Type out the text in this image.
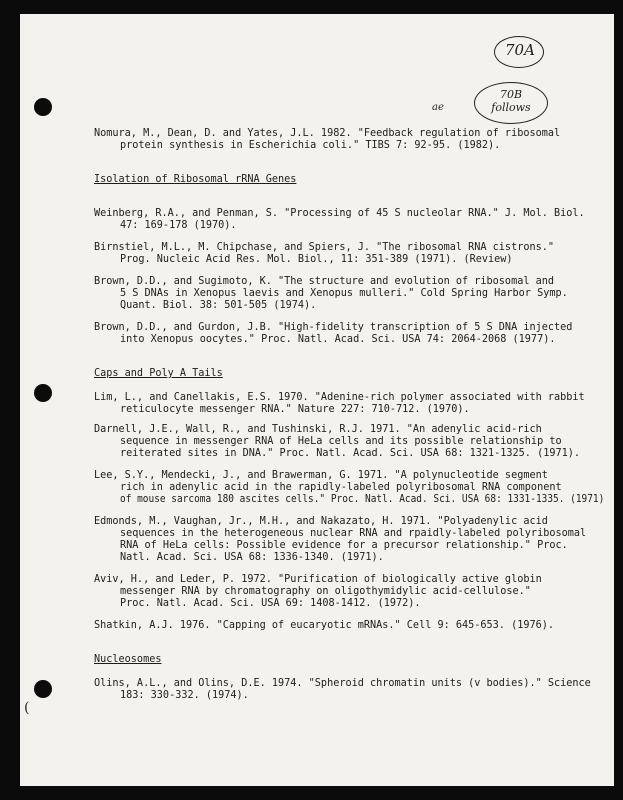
70A
70B follows
ae
(
Nomura, M., Dean, D. and Yates, J.L. 1982. "Feedback regulation of ribosomal
protein synthesis in Escherichia coli." TIBS 7: 92-95. (1982).
Isolation of Ribosomal rRNA Genes
Weinberg, R.A., and Penman, S. "Processing of 45 S nucleolar RNA." J. Mol. Biol.
47: 169-178 (1970).
Birnstiel, M.L., M. Chipchase, and Spiers, J. "The ribosomal RNA cistrons."
Prog. Nucleic Acid Res. Mol. Biol., 11: 351-389 (1971). (Review)
Brown, D.D., and Sugimoto, K. "The structure and evolution of ribosomal and
5 S DNAs in Xenopus laevis and Xenopus mulleri." Cold Spring Harbor Symp.
Quant. Biol. 38: 501-505 (1974).
Brown, D.D., and Gurdon, J.B. "High-fidelity transcription of 5 S DNA injected
into Xenopus oocytes." Proc. Natl. Acad. Sci. USA 74: 2064-2068 (1977).
Caps and Poly A Tails
Lim, L., and Canellakis, E.S. 1970. "Adenine-rich polymer associated with rabbit
reticulocyte messenger RNA." Nature 227: 710-712. (1970).
Darnell, J.E., Wall, R., and Tushinski, R.J. 1971. "An adenylic acid-rich
sequence in messenger RNA of HeLa cells and its possible relationship to
reiterated sites in DNA." Proc. Natl. Acad. Sci. USA 68: 1321-1325. (1971).
Lee, S.Y., Mendecki, J., and Brawerman, G. 1971. "A polynucleotide segment
rich in adenylic acid in the rapidly-labeled polyribosomal RNA component
of mouse sarcoma 180 ascites cells." Proc. Natl. Acad. Sci. USA 68: 1331-1335. (1971)
Edmonds, M., Vaughan, Jr., M.H., and Nakazato, H. 1971. "Polyadenylic acid
sequences in the heterogeneous nuclear RNA and rpaidly-labeled polyribosomal
RNA of HeLa cells: Possible evidence for a precursor relationship." Proc.
Natl. Acad. Sci. USA 68: 1336-1340. (1971).
Aviv, H., and Leder, P. 1972. "Purification of biologically active globin
messenger RNA by chromatography on oligothymidylic acid-cellulose."
Proc. Natl. Acad. Sci. USA 69: 1408-1412. (1972).
Shatkin, A.J. 1976. "Capping of eucaryotic mRNAs." Cell 9: 645-653. (1976).
Nucleosomes
Olins, A.L., and Olins, D.E. 1974. "Spheroid chromatin units (v bodies)." Science
183: 330-332. (1974).
